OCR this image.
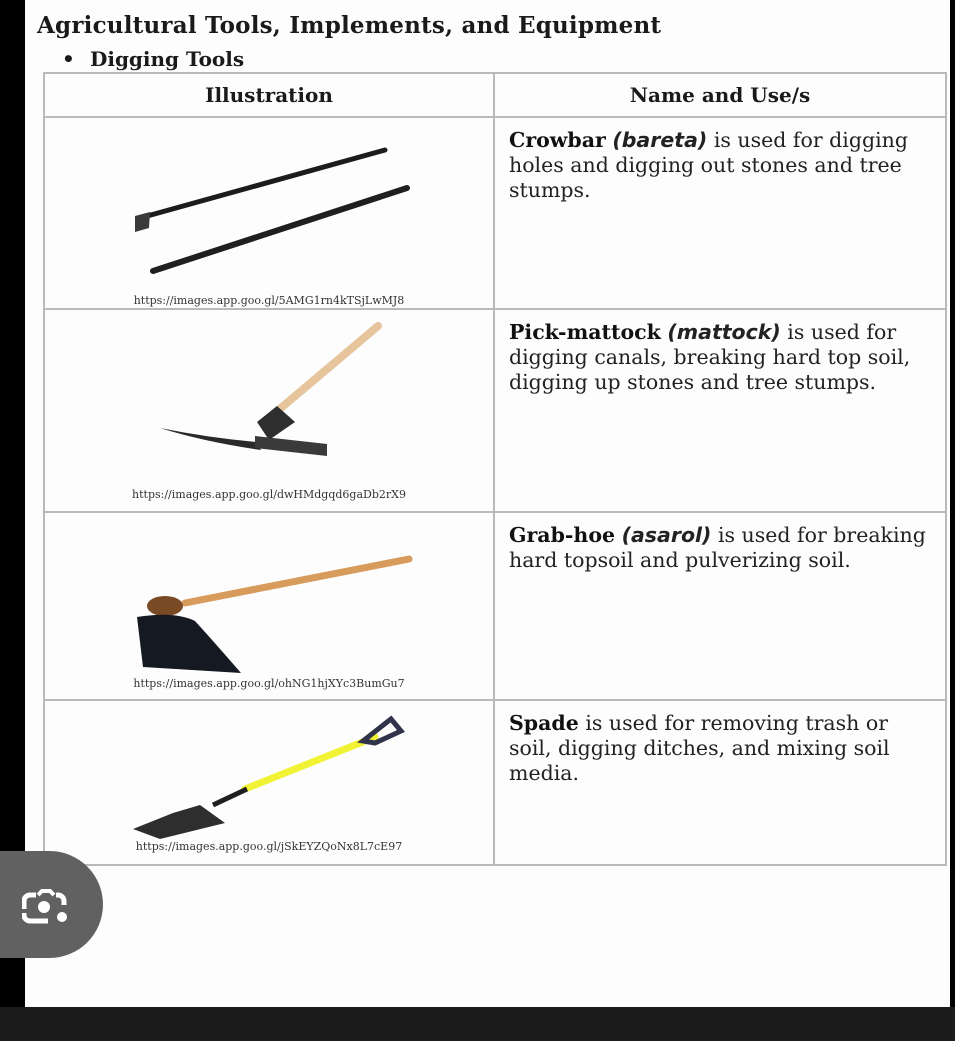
Agricultural Tools, Implements, and Equipment
• Digging Tools
Illustration	Name and Use/s

https://images.app.goo.gl/5AMG1rn4kTSjLwMJ8	Crowbar (bareta) is used for digging holes and digging out stones and tree stumps.

https://images.app.goo.gl/dwHMdgqd6gaDb2rX9	Pick-mattock (mattock) is used for digging canals, breaking hard top soil, digging up stones and tree stumps.

https://images.app.goo.gl/ohNG1hjXYc3BumGu7	Grab-hoe (asarol) is used for breaking hard topsoil and pulverizing soil.

https://images.app.goo.gl/jSkEYZQoNx8L7cE97	Spade is used for removing trash or soil, digging ditches, and mixing soil media.
